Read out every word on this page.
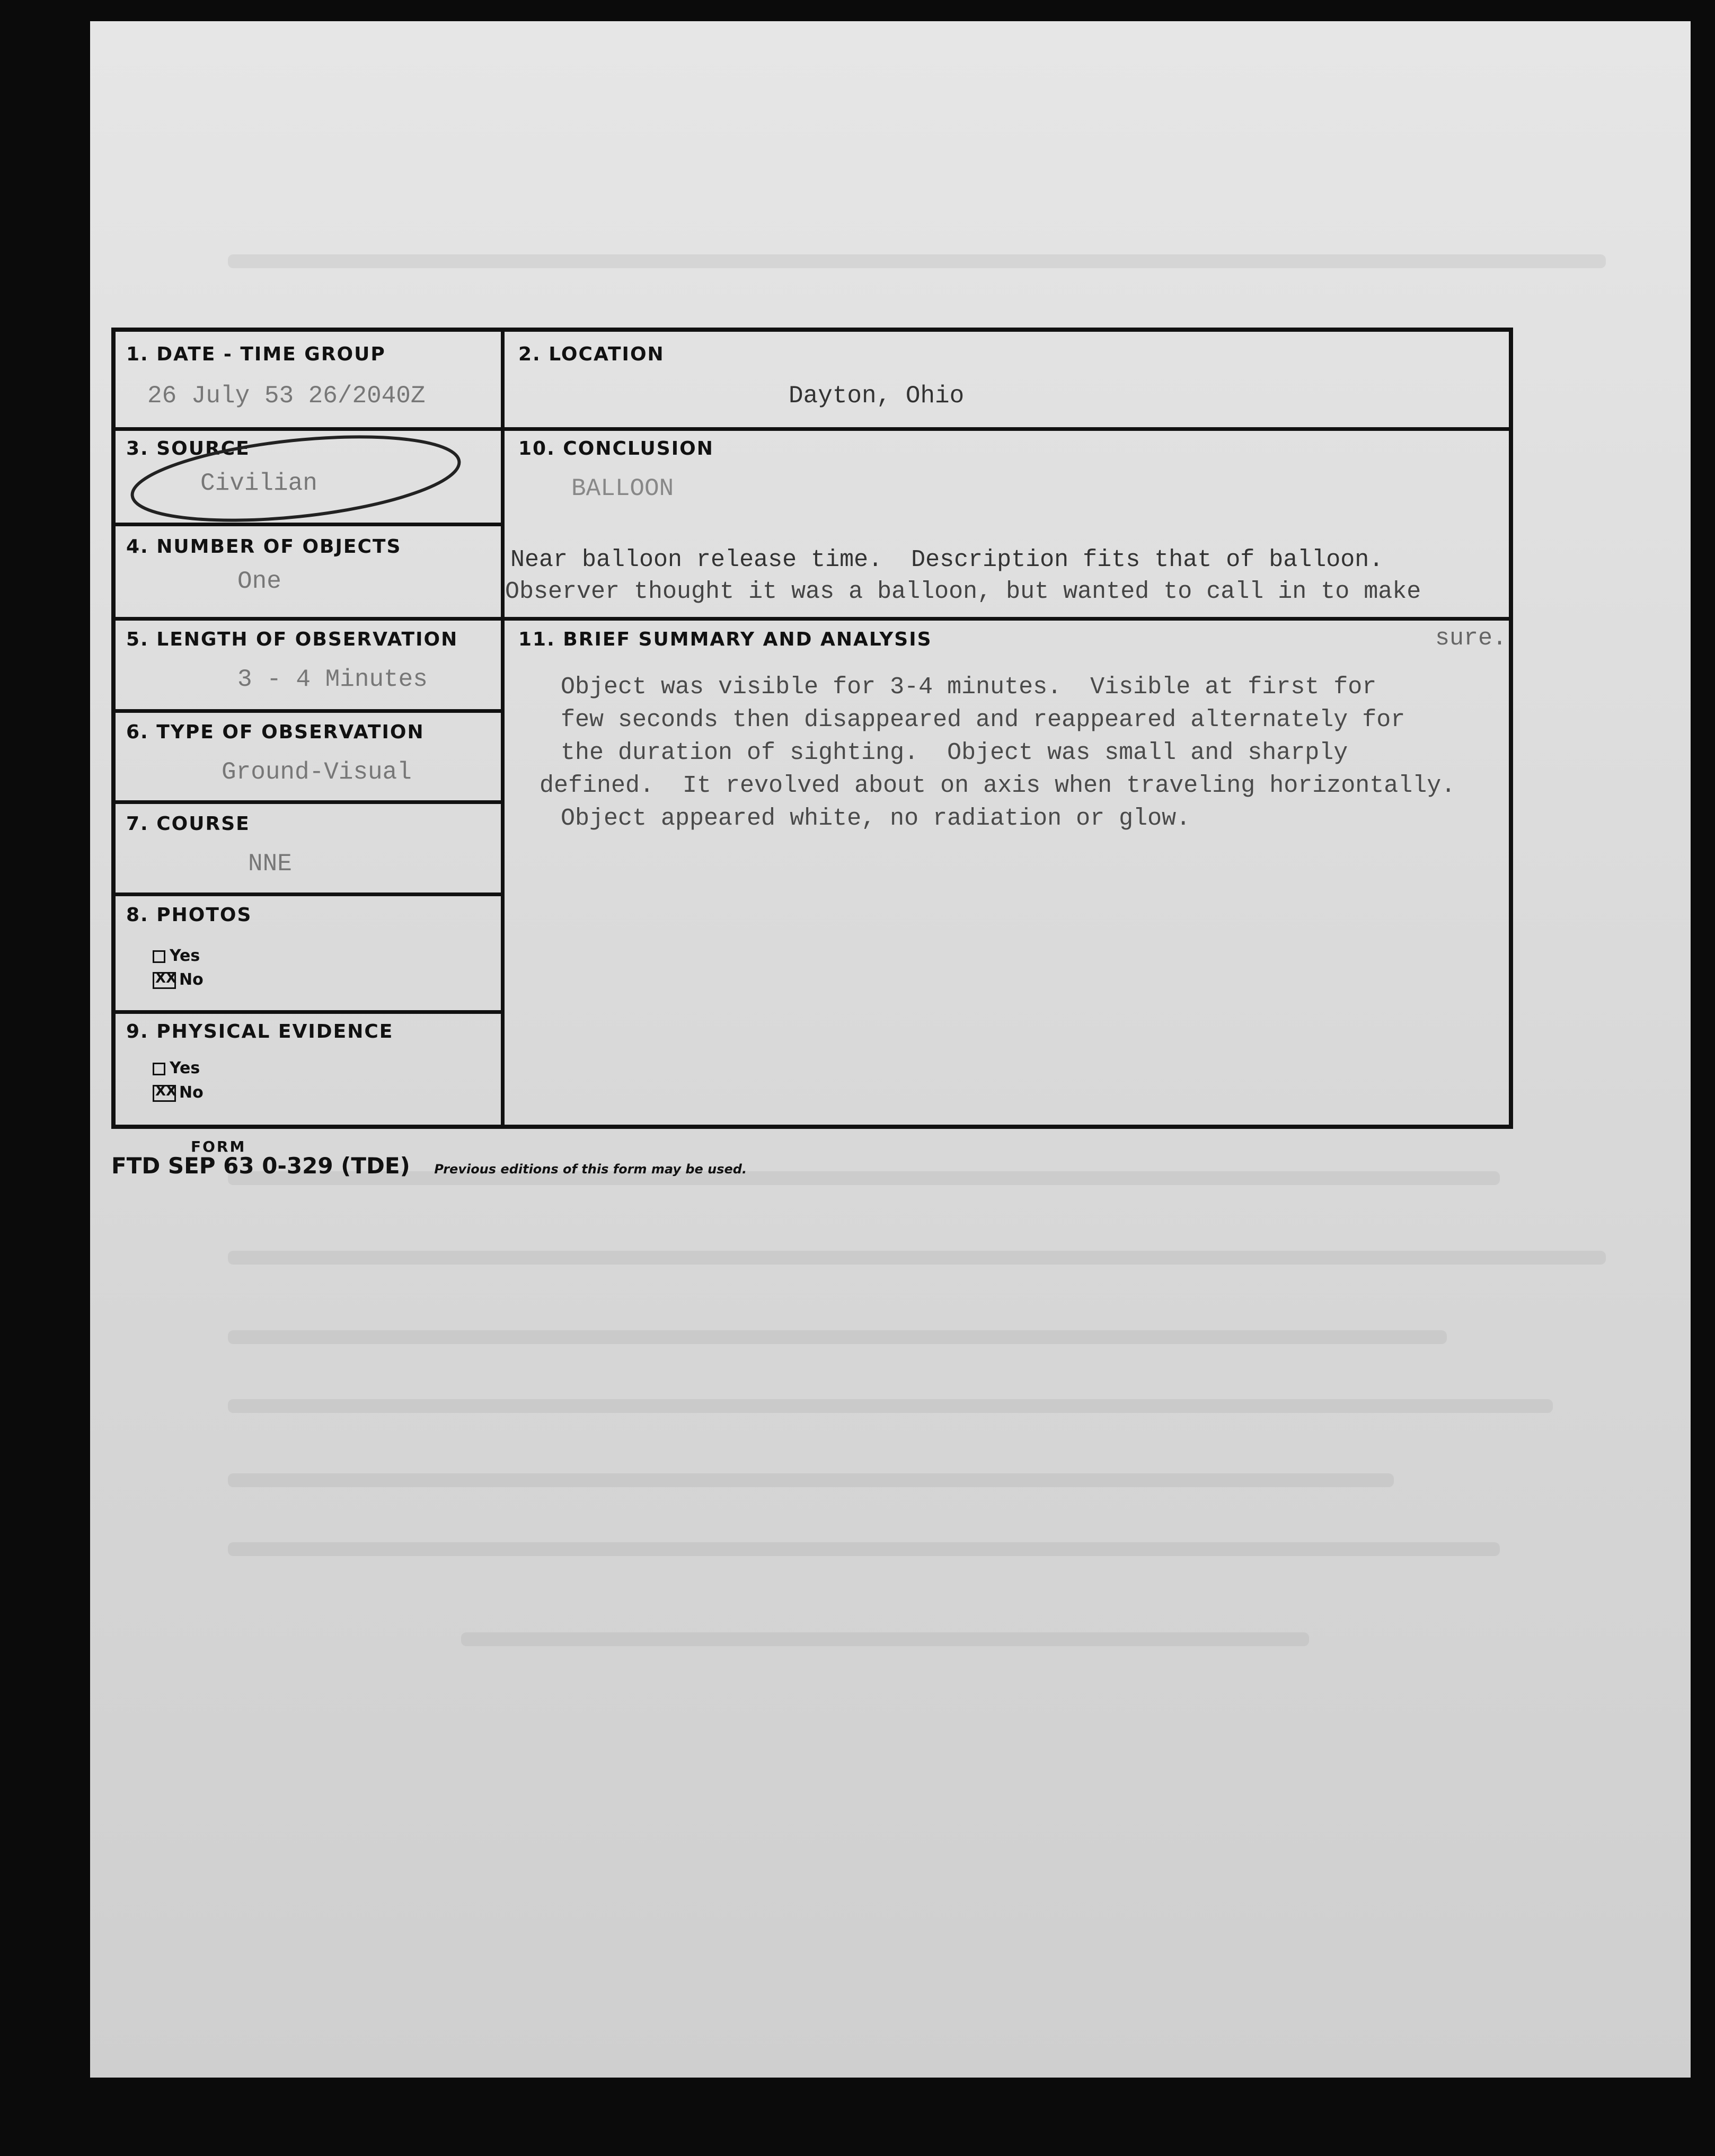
1. DATE - TIME GROUP
26 July 53 26/2040Z
2. LOCATION
Dayton, Ohio
3. SOURCE
Civilian
4. NUMBER OF OBJECTS
One
5. LENGTH OF OBSERVATION
3 - 4 Minutes
6. TYPE OF OBSERVATION
Ground-Visual
7. COURSE
NNE
8. PHOTOS
Yes
XXNo
9. PHYSICAL EVIDENCE
Yes
XXNo
10. CONCLUSION
BALLOON
Near balloon release time.  Description fits that of balloon.
Observer thought it was a balloon, but wanted to call in to make
sure.
11. BRIEF SUMMARY AND ANALYSIS
Object was visible for 3-4 minutes.  Visible at first for
few seconds then disappeared and reappeared alternately for
the duration of sighting.  Object was small and sharply
defined.  It revolved about on axis when traveling horizontally.
Object appeared white, no radiation or glow.
FORM
FTD SEP 63 0-329 (TDE) Previous editions of this form may be used.
